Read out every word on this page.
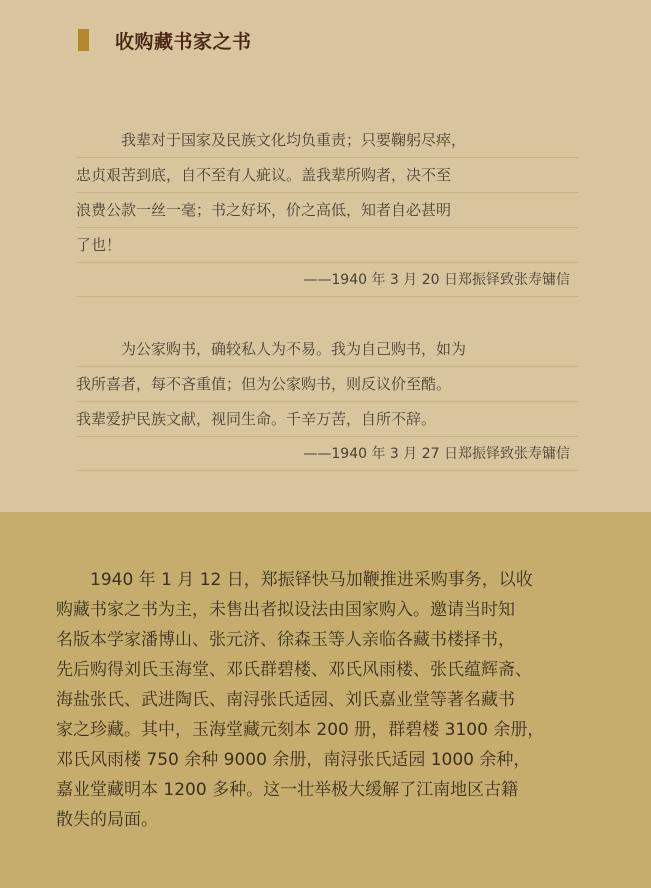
收购藏书家之书
我辈对于国家及民族文化均负重责；只要鞠躬尽瘁，
忠贞艰苦到底，自不至有人疵议。盖我辈所购者，决不至
浪费公款一丝一毫；书之好坏，价之高低，知者自必甚明
了也！
——1940 年 3 月 20 日郑振铎致张寿镛信
为公家购书，确较私人为不易。我为自己购书，如为
我所喜者，每不吝重值；但为公家购书，则反议价至酷。
我辈爱护民族文献，视同生命。千辛万苦，自所不辞。
——1940 年 3 月 27 日郑振铎致张寿镛信
1940 年 1 月 12 日，郑振铎快马加鞭推进采购事务，以收
购藏书家之书为主，未售出者拟设法由国家购入。邀请当时知
名版本学家潘博山、张元济、徐森玉等人亲临各藏书楼择书，
先后购得刘氏玉海堂、邓氏群碧楼、邓氏风雨楼、张氏蕴辉斋、
海盐张氏、武进陶氏、南浔张氏适园、刘氏嘉业堂等著名藏书
家之珍藏。其中，玉海堂藏元刻本 200 册，群碧楼 3100 余册，
邓氏风雨楼 750 余种 9000 余册，南浔张氏适园 1000 余种，
嘉业堂藏明本 1200 多种。这一壮举极大缓解了江南地区古籍
散失的局面。
